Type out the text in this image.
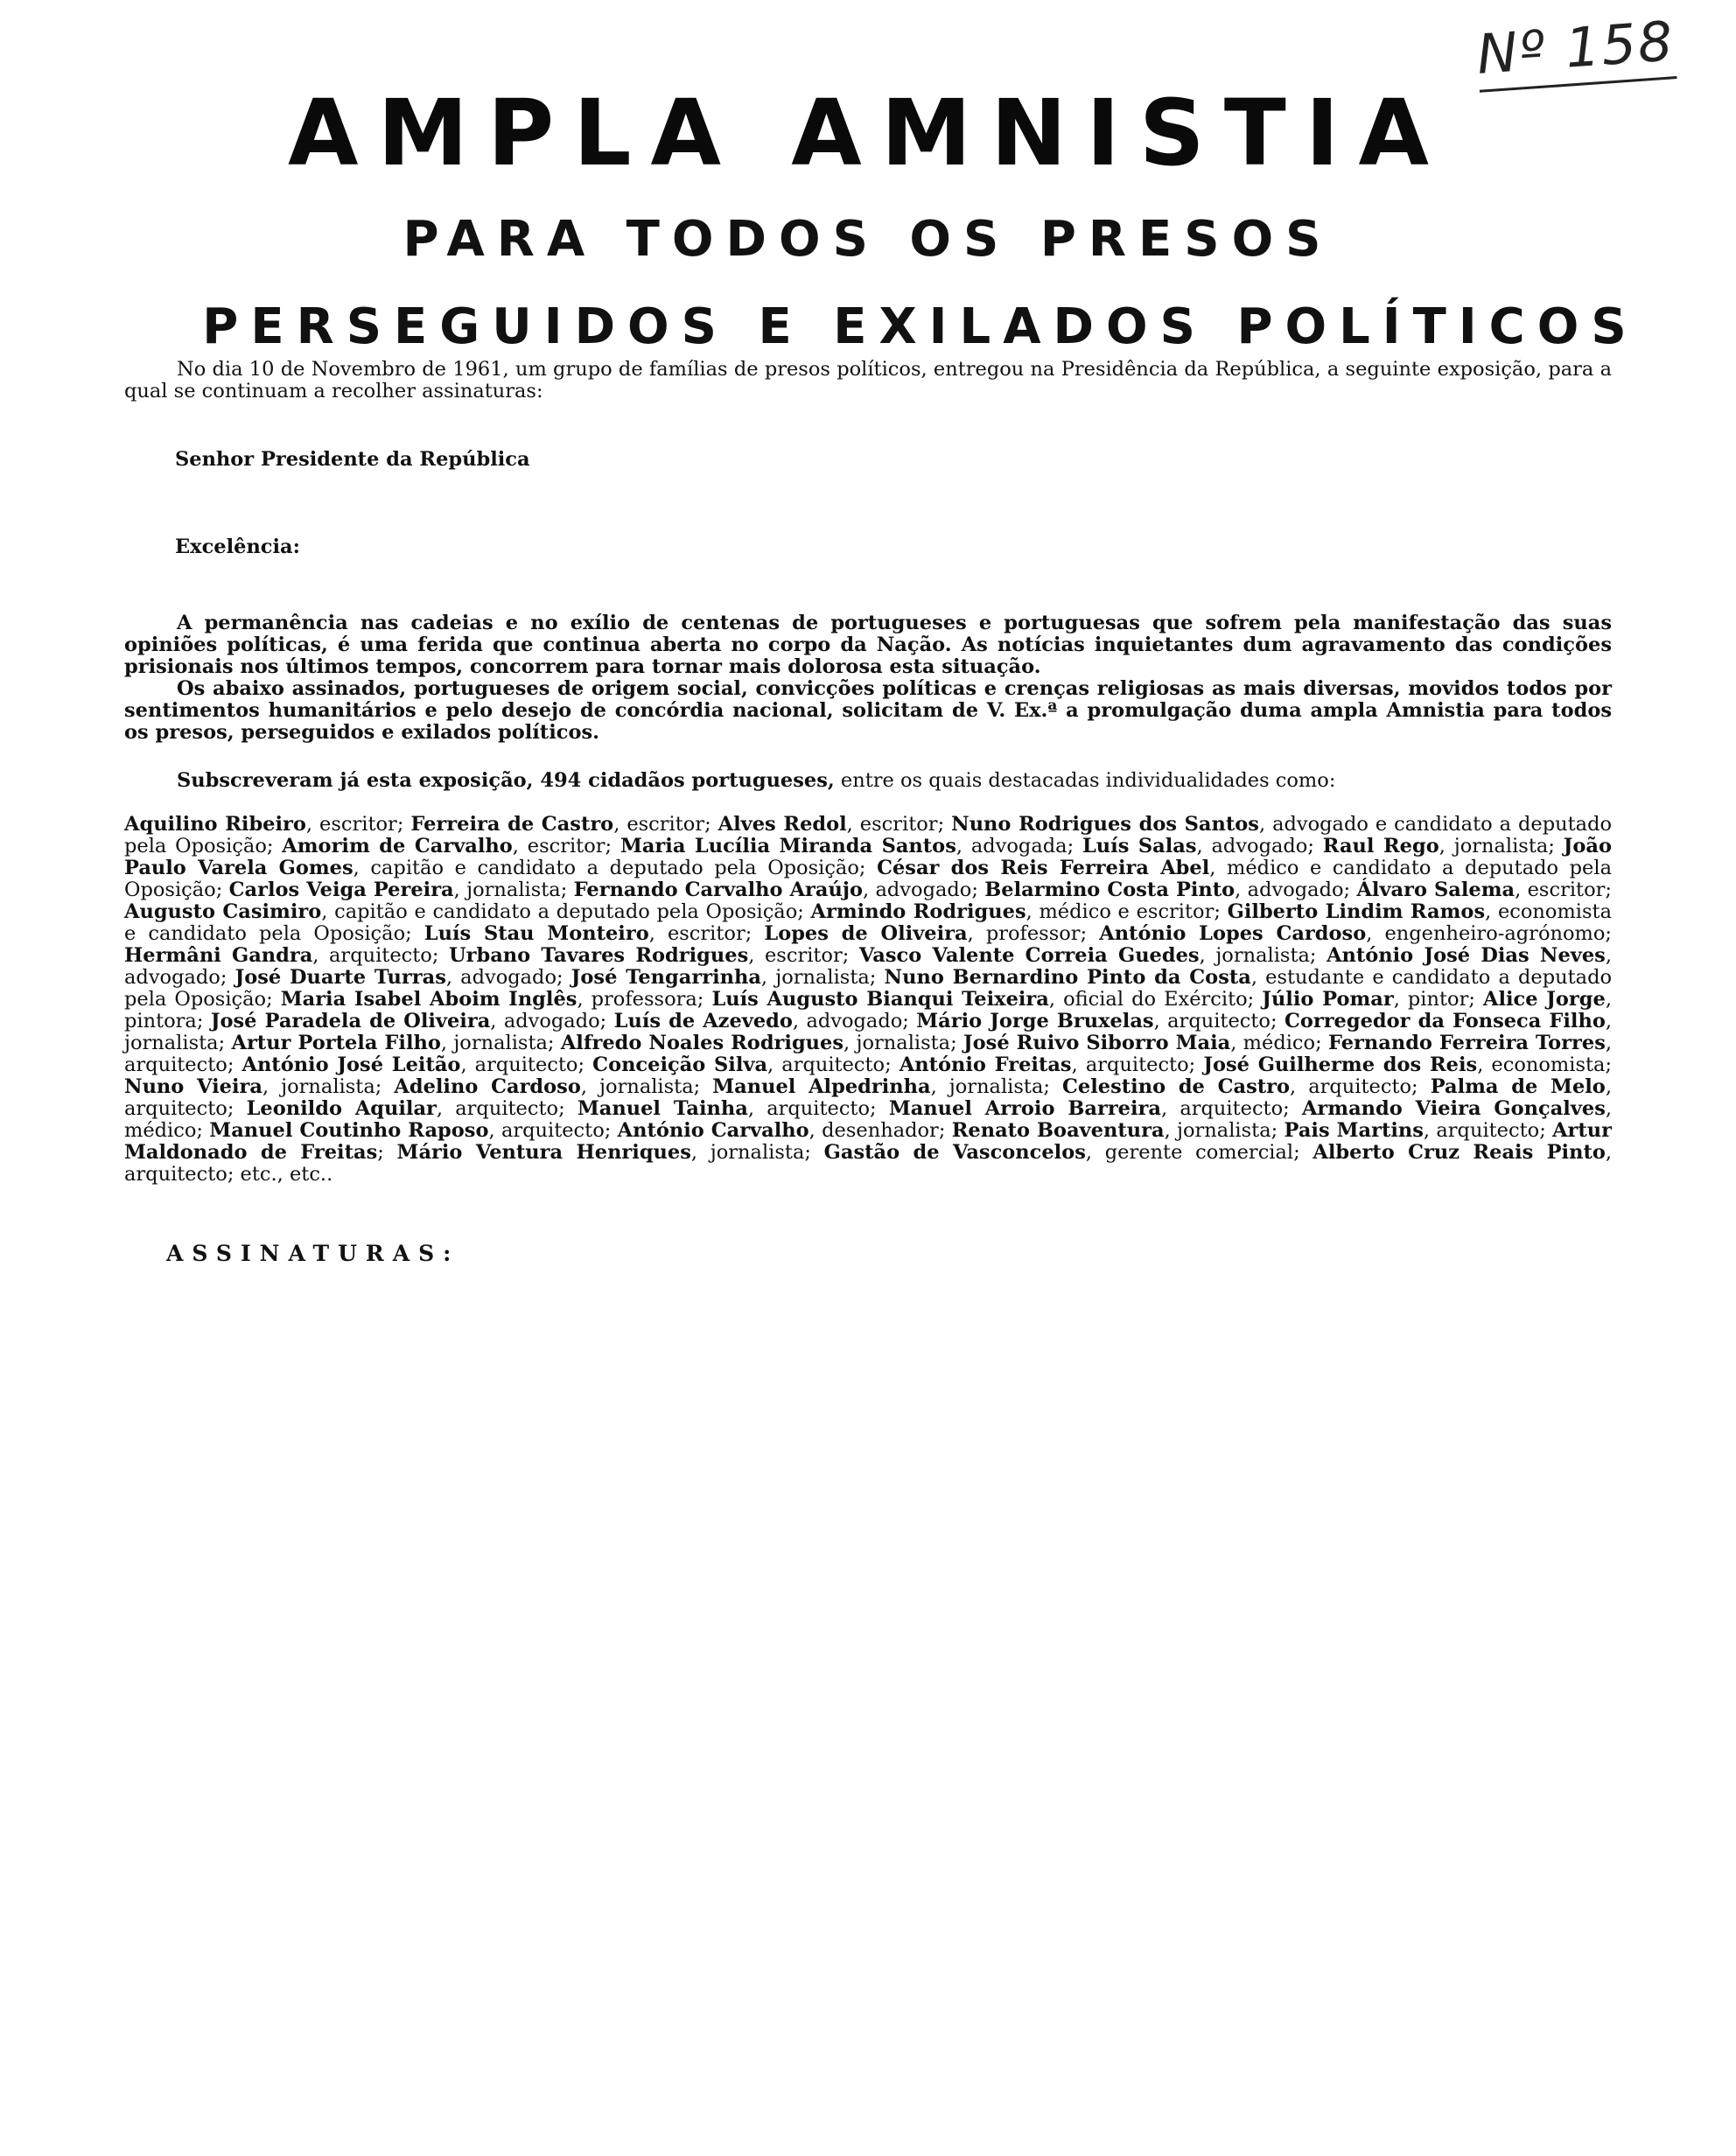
Nº 158
AMPLA AMNISTIA
PARA TODOS OS PRESOS
PERSEGUIDOS E EXILADOS POLÍTICOS

No dia 10 de Novembro de 1961, um grupo de famílias de presos políticos, entregou na Presidência da República, a seguinte exposição, para a qual se continuam a recolher assinaturas:

Senhor Presidente da República

Excelência:

A permanência nas cadeias e no exílio de centenas de portugueses e portuguesas que sofrem pela manifestação das suas opiniões políticas, é uma ferida que continua aberta no corpo da Nação. As notícias inquietantes dum agravamento das condições prisionais nos últimos tempos, concorrem para tornar mais dolorosa esta situação.

Os abaixo assinados, portugueses de origem social, convicções políticas e crenças religiosas as mais diversas, movidos todos por sentimentos humanitários e pelo desejo de concórdia nacional, solicitam de V. Ex.ª a promulgação duma ampla Amnistia para todos os presos, perseguidos e exilados políticos.

Subscreveram já esta exposição, 494 cidadãos portugueses, entre os quais destacadas individualidades como:

Aquilino Ribeiro, escritor; Ferreira de Castro, escritor; Alves Redol, escritor; Nuno Rodrigues dos Santos, advogado e candidato a deputado pela Oposição; Amorim de Carvalho, escritor; Maria Lucília Miranda Santos, advogada; Luís Salas, advogado; Raul Rego, jornalista; João Paulo Varela Gomes, capitão e candidato a deputado pela Oposição; César dos Reis Ferreira Abel, médico e candidato a deputado pela Oposição; Carlos Veiga Pereira, jornalista; Fernando Carvalho Araújo, advogado; Belarmino Costa Pinto, advogado; Álvaro Salema, escritor; Augusto Casimiro, capitão e candidato a deputado pela Oposição; Armindo Rodrigues, médico e escritor; Gilberto Lindim Ramos, economista e candidato pela Oposição; Luís Stau Monteiro, escritor; Lopes de Oliveira, professor; António Lopes Cardoso, engenheiro-agrónomo; Hermâni Gandra, arquitecto; Urbano Tavares Rodrigues, escritor; Vasco Valente Correia Guedes, jornalista; António José Dias Neves, advogado; José Duarte Turras, advogado; José Tengarrinha, jornalista; Nuno Bernardino Pinto da Costa, estudante e candidato a deputado pela Oposição; Maria Isabel Aboim Inglês, professora; Luís Augusto Bianqui Teixeira, oficial do Exército; Júlio Pomar, pintor; Alice Jorge, pintora; José Paradela de Oliveira, advogado; Luís de Azevedo, advogado; Mário Jorge Bruxelas, arquitecto; Corregedor da Fonseca Filho, jornalista; Artur Portela Filho, jornalista; Alfredo Noales Rodrigues, jornalista; José Ruivo Siborro Maia, médico; Fernando Ferreira Torres, arquitecto; António José Leitão, arquitecto; Conceição Silva, arquitecto; António Freitas, arquitecto; José Guilherme dos Reis, economista; Nuno Vieira, jornalista; Adelino Cardoso, jornalista; Manuel Alpedrinha, jornalista; Celestino de Castro, arquitecto; Palma de Melo, arquitecto; Leonildo Aquilar, arquitecto; Manuel Tainha, arquitecto; Manuel Arroio Barreira, arquitecto; Armando Vieira Gonçalves, médico; Manuel Coutinho Raposo, arquitecto; António Carvalho, desenhador; Renato Boaventura, jornalista; Pais Martins, arquitecto; Artur Maldonado de Freitas; Mário Ventura Henriques, jornalista; Gastão de Vasconcelos, gerente comercial; Alberto Cruz Reais Pinto, arquitecto; etc., etc..

ASSINATURAS:
